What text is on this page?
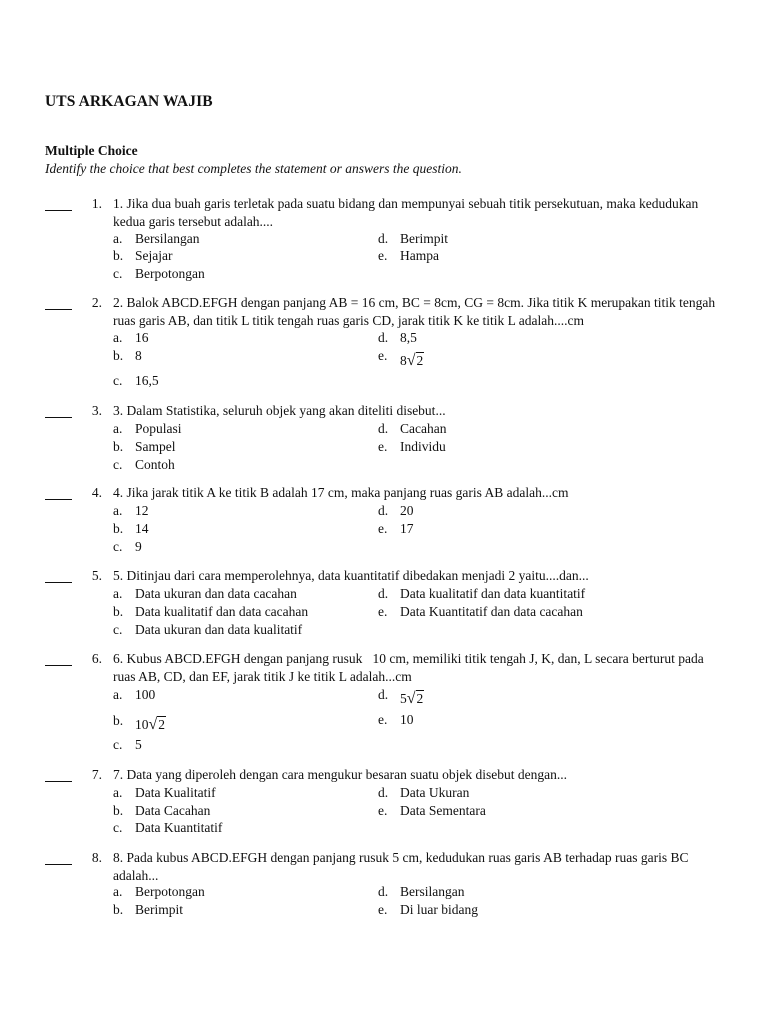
UTS ARKAGAN WAJIB
Multiple Choice
Identify the choice that best completes the statement or answers the question.
1. 1. Jika dua buah garis terletak pada suatu bidang dan mempunyai sebuah titik persekutuan, maka kedudukan kedua garis tersebut adalah....
a. Bersilangan
b. Sejajar
c. Berpotongan
d. Berimpit
e. Hampa
2. 2. Balok ABCD.EFGH dengan panjang AB = 16 cm, BC = 8cm, CG = 8cm. Jika titik K merupakan titik tengah ruas garis AB, dan titik L titik tengah ruas garis CD, jarak titik K ke titik L adalah....cm
a. 16
b. 8
c. 16,5
d. 8,5
e. 8√2
3. 3. Dalam Statistika, seluruh objek yang akan diteliti disebut...
a. Populasi
b. Sampel
c. Contoh
d. Cacahan
e. Individu
4. 4. Jika jarak titik A ke titik B adalah 17 cm, maka panjang ruas garis AB adalah...cm
a. 12
b. 14
c. 9
d. 20
e. 17
5. 5. Ditinjau dari cara memperolehnya, data kuantitatif dibedakan menjadi 2 yaitu....dan...
a. Data ukuran dan data cacahan
b. Data kualitatif dan data cacahan
c. Data ukuran dan data kualitatif
d. Data kualitatif dan data kuantitatif
e. Data Kuantitatif dan data cacahan
6. 6. Kubus ABCD.EFGH dengan panjang rusuk   10 cm, memiliki titik tengah J, K, dan, L secara berturut pada ruas AB, CD, dan EF, jarak titik J ke titik L adalah...cm
a. 100
b. 10√2
c. 5
d. 5√2
e. 10
7. 7. Data yang diperoleh dengan cara mengukur besaran suatu objek disebut dengan...
a. Data Kualitatif
b. Data Cacahan
c. Data Kuantitatif
d. Data Ukuran
e. Data Sementara
8. 8. Pada kubus ABCD.EFGH dengan panjang rusuk 5 cm, kedudukan ruas garis AB terhadap ruas garis BC adalah...
a. Berpotongan
b. Berimpit
d. Bersilangan
e. Di luar bidang
